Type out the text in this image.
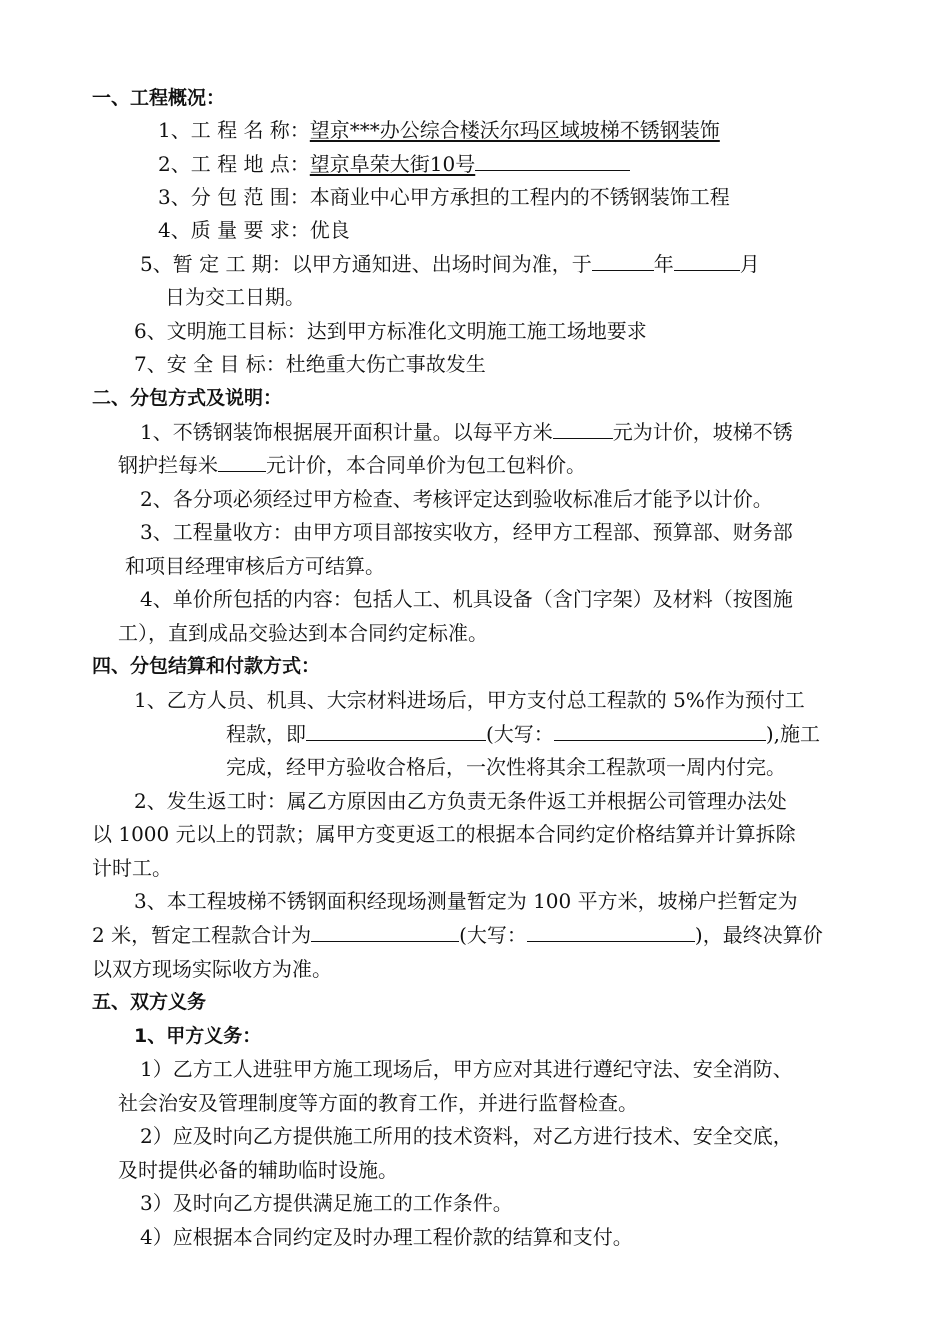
一、工程概况：
1、工 程 名 称：望京***办公综合楼沃尔玛区域坡梯不锈钢装饰
2、工 程 地 点：望京阜荣大街10号
3、分 包 范 围：本商业中心甲方承担的工程内的不锈钢装饰工程
4、质 量 要 求：优良
5、暂 定 工 期：以甲方通知进、出场时间为准，于	年	月
日为交工日期。
6、文明施工目标：达到甲方标准化文明施工施工场地要求
7、安 全 目 标：杜绝重大伤亡事故发生
二、分包方式及说明：
1、不锈钢装饰根据展开面积计量。以每平方米	元为计价，坡梯不锈
钢护拦每米 元计价，本合同单价为包工包料价。
2、各分项必须经过甲方检查、考核评定达到验收标准后才能予以计价。
3、工程量收方：由甲方项目部按实收方，经甲方工程部、预算部、财务部
和项目经理审核后方可结算。
4、单价所包括的内容：包括人工、机具设备（含门字架）及材料（按图施
工），直到成品交验达到本合同约定标准。
四、分包结算和付款方式：
1、乙方人员、机具、大宗材料进场后，甲方支付总工程款的 5%作为预付工
程款，即	(大写：	),施工
完成，经甲方验收合格后，一次性将其余工程款项一周内付完。
2、发生返工时：属乙方原因由乙方负责无条件返工并根据公司管理办法处
以 1000 元以上的罚款；属甲方变更返工的根据本合同约定价格结算并计算拆除
计时工。
3、本工程坡梯不锈钢面积经现场测量暂定为 100 平方米，坡梯户拦暂定为
2 米，暂定工程款合计为	(大写：	)，最终决算价
以双方现场实际收方为准。
五、双方义务
1、甲方义务：
1）乙方工人进驻甲方施工现场后，甲方应对其进行遵纪守法、安全消防、
社会治安及管理制度等方面的教育工作，并进行监督检查。
2）应及时向乙方提供施工所用的技术资料，对乙方进行技术、安全交底，
及时提供必备的辅助临时设施。
3）及时向乙方提供满足施工的工作条件。
4）应根据本合同约定及时办理工程价款的结算和支付。
